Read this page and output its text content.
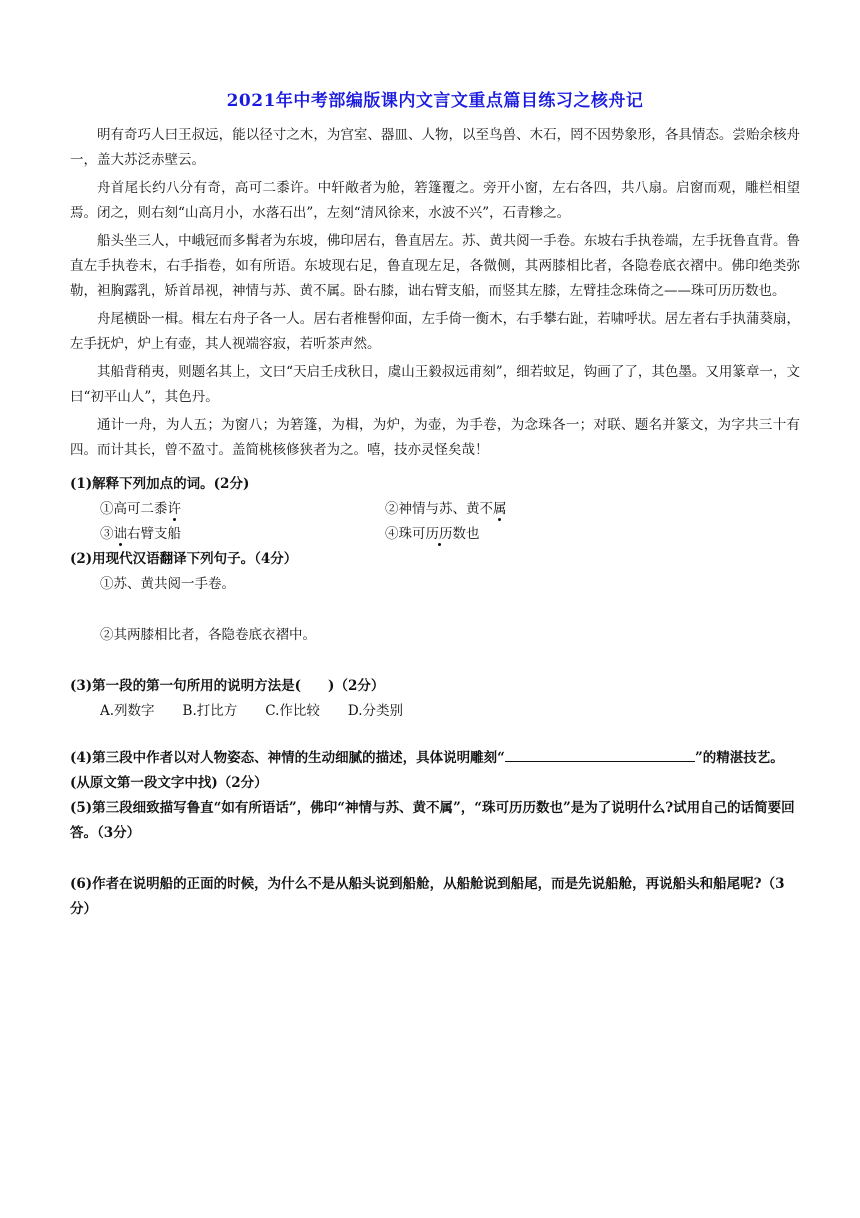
2021年中考部编版课内文言文重点篇目练习之核舟记

明有奇巧人曰王叔远，能以径寸之木，为宫室、器皿、人物，以至鸟兽、木石，罔不因势象形，各具情态。尝贻余核舟一，盖大苏泛赤壁云。

舟首尾长约八分有奇，高可二黍许。中轩敞者为舱，箬篷覆之。旁开小窗，左右各四，共八扇。启窗而观，雕栏相望焉。闭之，则右刻“山高月小，水落石出”，左刻“清风徐来，水波不兴”，石青糁之。

船头坐三人，中峨冠而多髯者为东坡，佛印居右，鲁直居左。苏、黄共阅一手卷。东坡右手执卷端，左手抚鲁直背。鲁直左手执卷末，右手指卷，如有所语。东坡现右足，鲁直现左足，各微侧，其两膝相比者，各隐卷底衣褶中。佛印绝类弥勒，袒胸露乳，矫首昂视，神情与苏、黄不属。卧右膝，诎右臂支船，而竖其左膝，左臂挂念珠倚之——珠可历历数也。

舟尾横卧一楫。楫左右舟子各一人。居右者椎髻仰面，左手倚一衡木，右手攀右趾，若啸呼状。居左者右手执蒲葵扇，左手抚炉，炉上有壶，其人视端容寂，若听茶声然。

其船背稍夷，则题名其上，文曰“天启壬戌秋日，虞山王毅叔远甫刻”，细若蚊足，钩画了了，其色墨。又用篆章一，文曰“初平山人”，其色丹。

通计一舟，为人五；为窗八；为箬篷，为楫，为炉，为壶，为手卷，为念珠各一；对联、题名并篆文，为字共三十有四。而计其长，曾不盈寸。盖简桃核修狭者为之。嘻，技亦灵怪矣哉！

(1)解释下列加点的词。(2分)

①高可二黍许	②神情与苏、黄不属
③诎右臂支船	④珠可历历数也

(2)用现代汉语翻译下列句子。（4分）

①苏、黄共阅一手卷。

②其两膝相比者，各隐卷底衣褶中。

(3)第一段的第一句所用的说明方法是(　　)（2分）

A.列数字 B.打比方 C.作比较 D.分类别

(4)第三段中作者以对人物姿态、神情的生动细腻的描述，具体说明雕刻“	”的精湛技艺。(从原文第一段文字中找)（2分）

(5)第三段细致描写鲁直“如有所语话”，佛印“神情与苏、黄不属”，“珠可历历数也”是为了说明什么?试用自己的话简要回答。（3分）

(6)作者在说明船的正面的时候，为什么不是从船头说到船舱，从船舱说到船尾，而是先说船舱，再说船头和船尾呢?（3分）
